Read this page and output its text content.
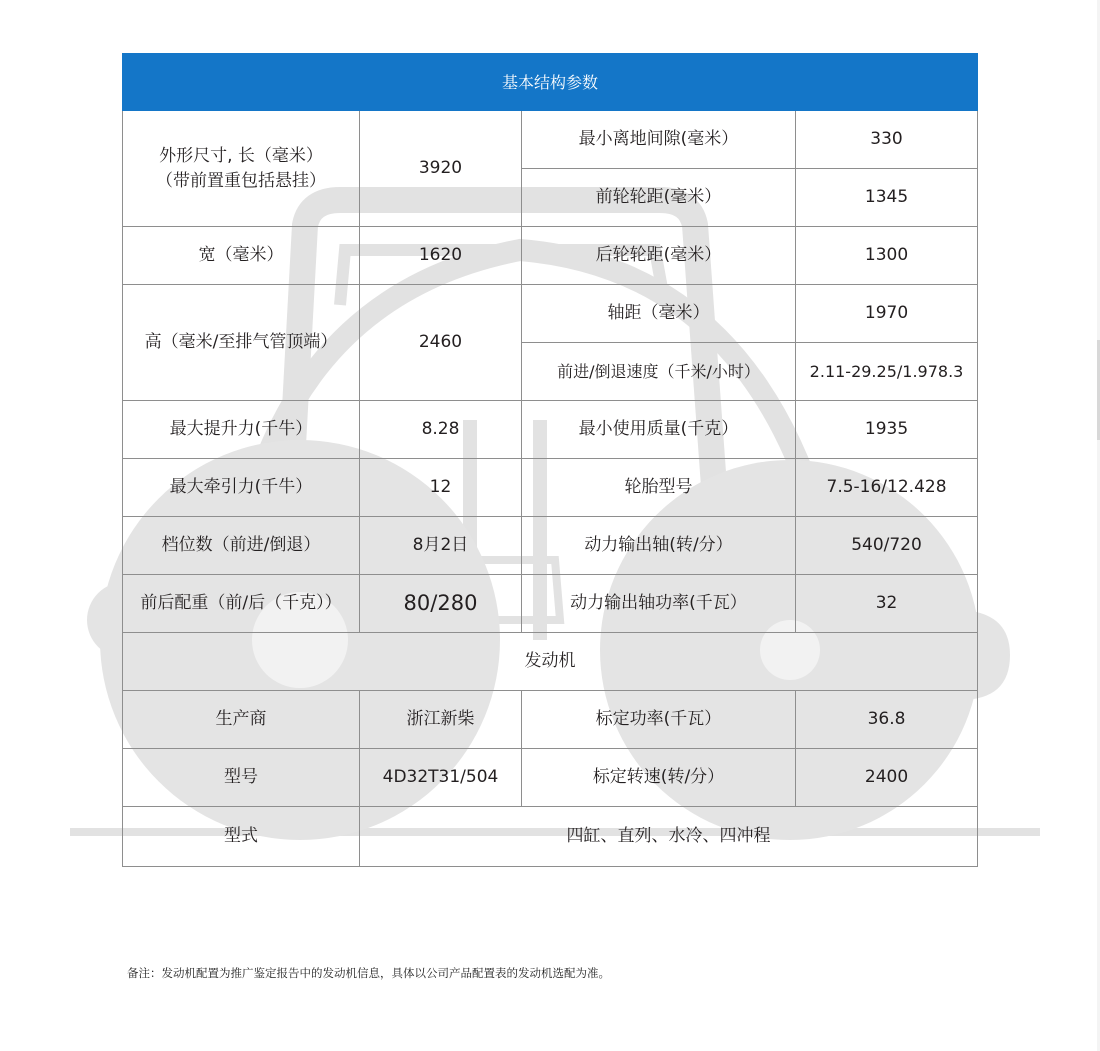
基本结构参数			
外形尺寸, 长（毫米）
（带前置重包括悬挂）	3920	最小离地间隙(毫米）	330
		前轮轮距(毫米）	1345
宽（毫米）	1620	后轮轮距(毫米）	1300
高（毫米/至排气管顶端）	2460	轴距（毫米）	1970
		前进/倒退速度（千米/小时）	2.11-29.25/1.978.3
最大提升力(千牛）	8.28	最小使用质量(千克）	1935
最大牵引力(千牛）	12	轮胎型号	7.5-16/12.428
档位数（前进/倒退）	8月2日	动力输出轴(转/分）	540/720
前后配重（前/后（千克））	80/280	动力输出轴功率(千瓦）	32
发动机			
生产商	浙江新柴	标定功率(千瓦）	36.8
型号	4D32T31/504	标定转速(转/分）	2400
型式	四缸、直列、水冷、四冲程		
备注：发动机配置为推广鉴定报告中的发动机信息，具体以公司产品配置表的发动机选配为准。
